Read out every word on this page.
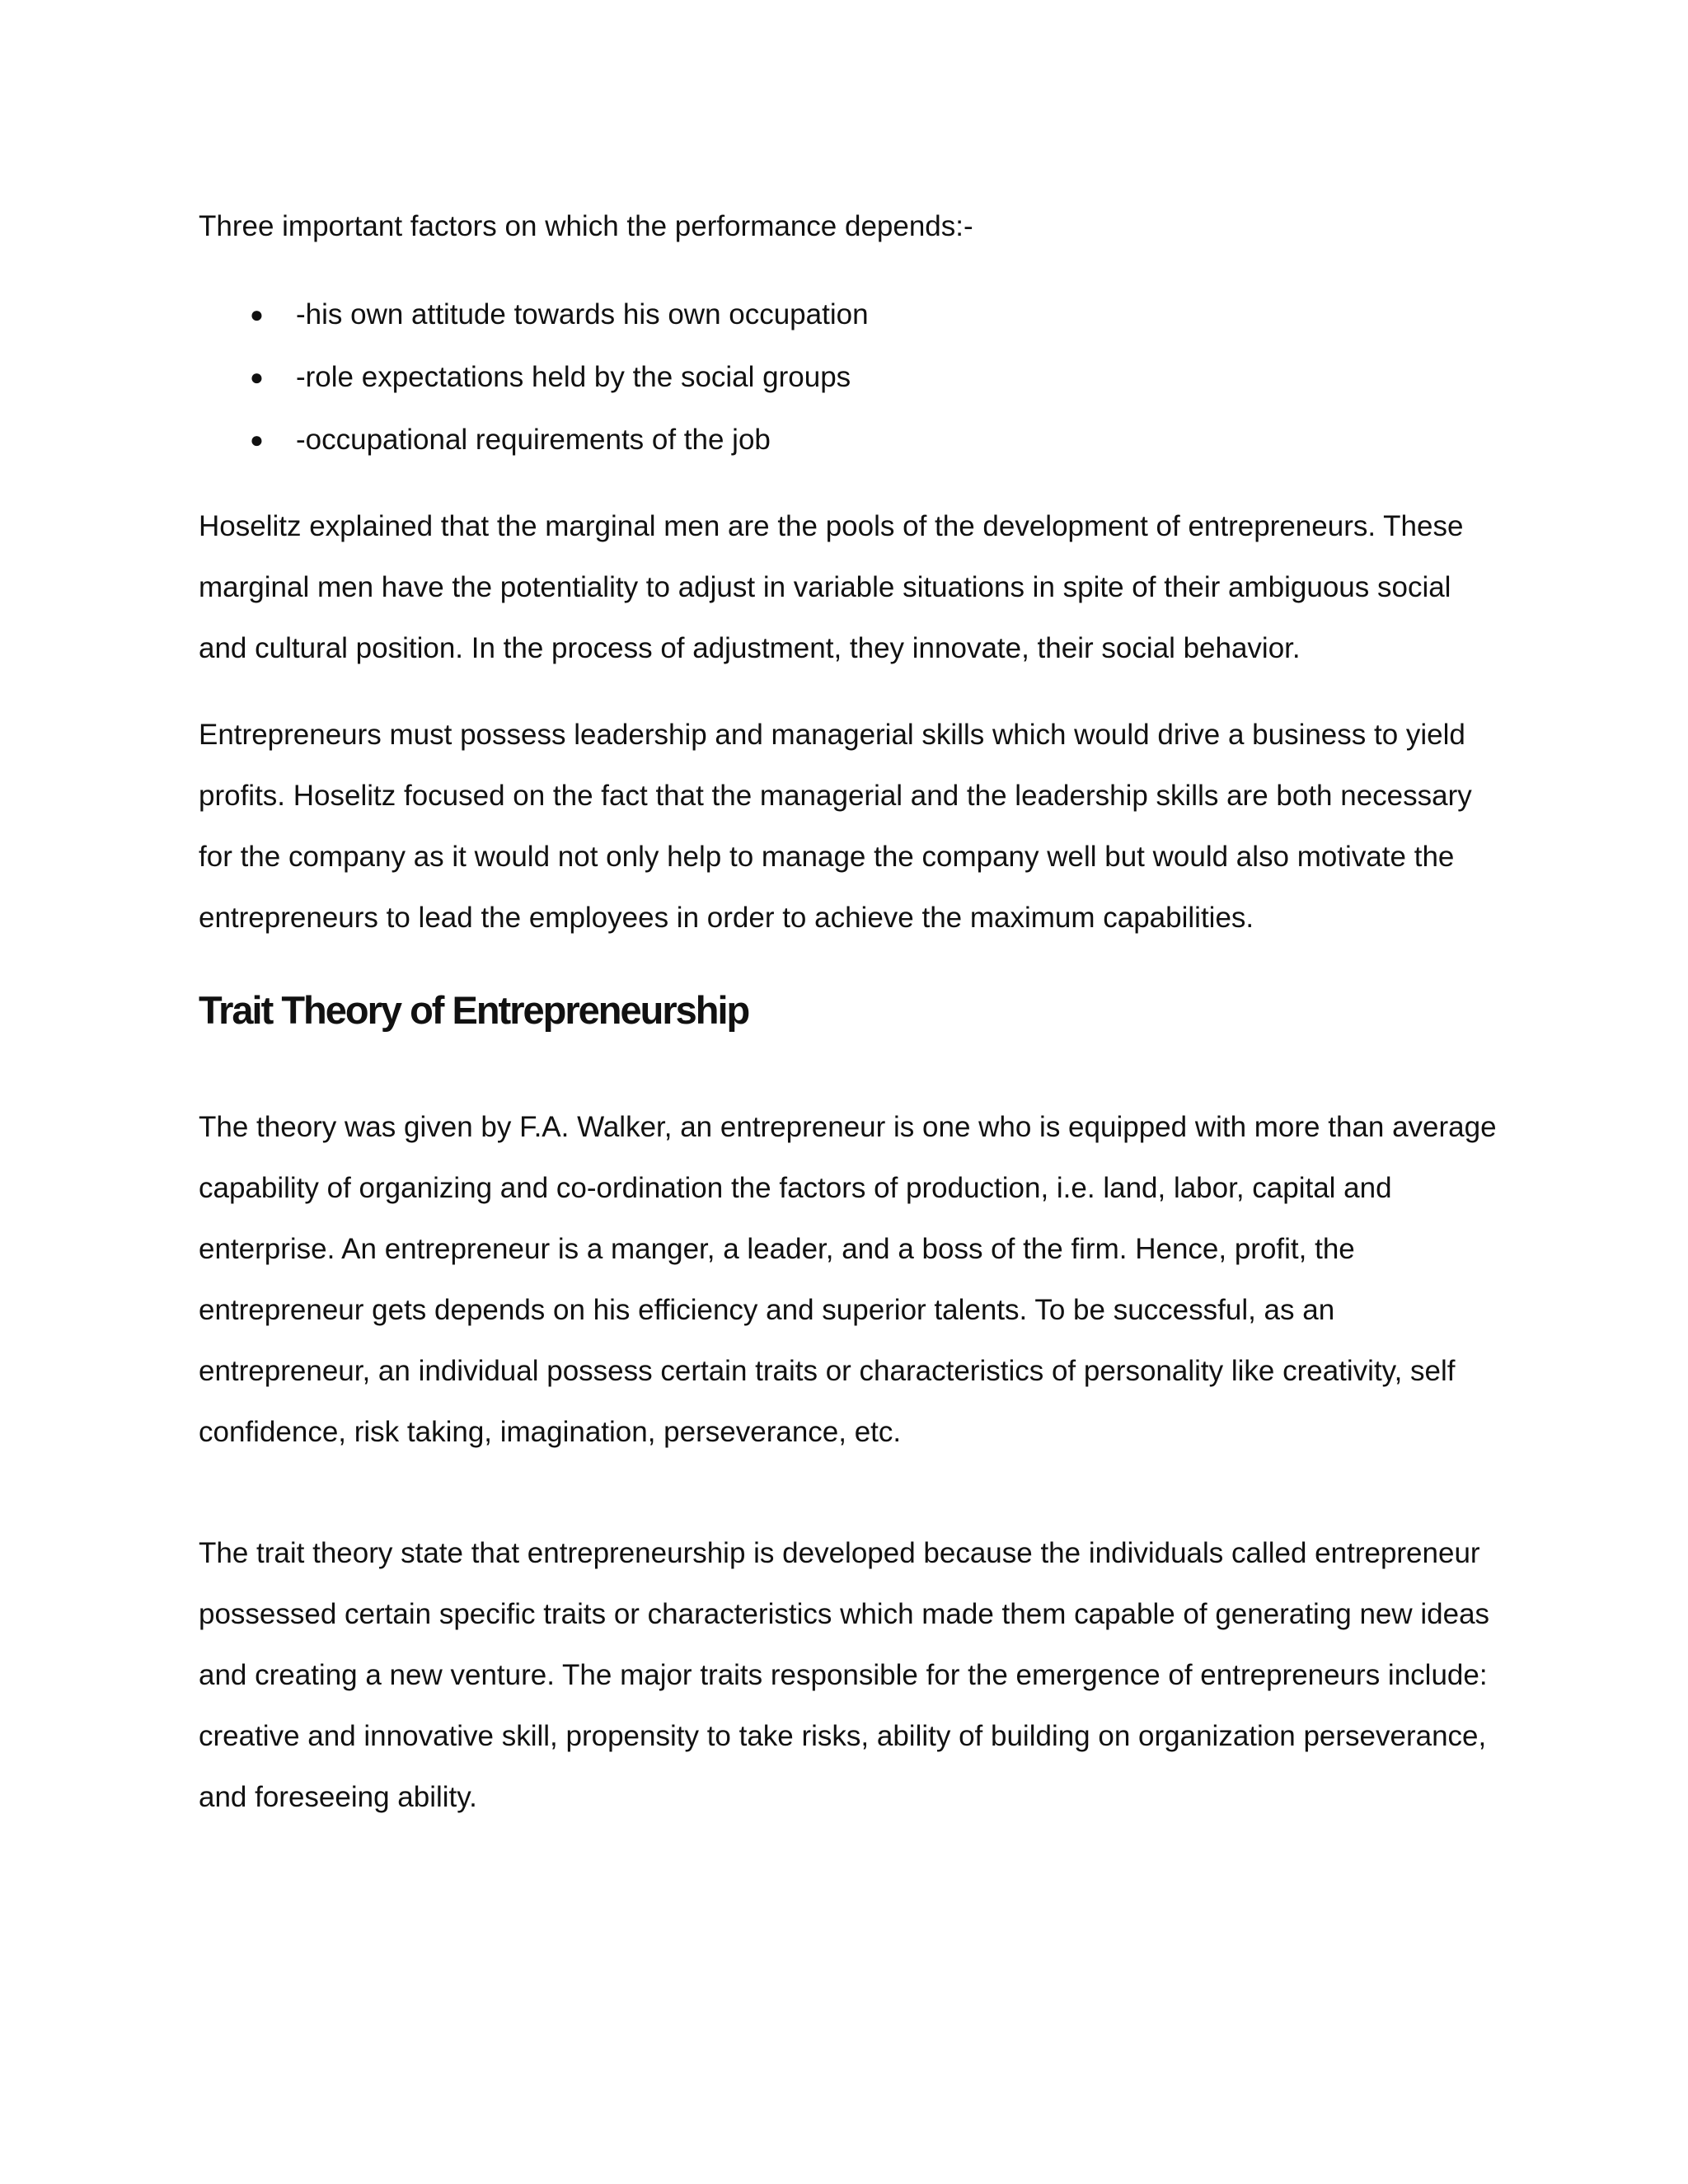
Three important factors on which the performance depends:-

● -his own attitude towards his own occupation
● -role expectations held by the social groups
● -occupational requirements of the job

Hoselitz explained that the marginal men are the pools of the development of entrepreneurs. These marginal men have the potentiality to adjust in variable situations in spite of their ambiguous social and cultural position. In the process of adjustment, they innovate, their social behavior.

Entrepreneurs must possess leadership and managerial skills which would drive a business to yield profits. Hoselitz focused on the fact that the managerial and the leadership skills are both necessary for the company as it would not only help to manage the company well but would also motivate the entrepreneurs to lead the employees in order to achieve the maximum capabilities.

Trait Theory of Entrepreneurship

The theory was given by F.A. Walker, an entrepreneur is one who is equipped with more than average capability of organizing and co-ordination the factors of production, i.e. land, labor, capital and enterprise. An entrepreneur is a manger, a leader, and a boss of the firm. Hence, profit, the entrepreneur gets depends on his efficiency and superior talents. To be successful, as an entrepreneur, an individual possess certain traits or characteristics of personality like creativity, self confidence, risk taking, imagination, perseverance, etc.

The trait theory state that entrepreneurship is developed because the individuals called entrepreneur possessed certain specific traits or characteristics which made them capable of generating new ideas and creating a new venture. The major traits responsible for the emergence of entrepreneurs include: creative and innovative skill, propensity to take risks, ability of building on organization perseverance, and foreseeing ability.
